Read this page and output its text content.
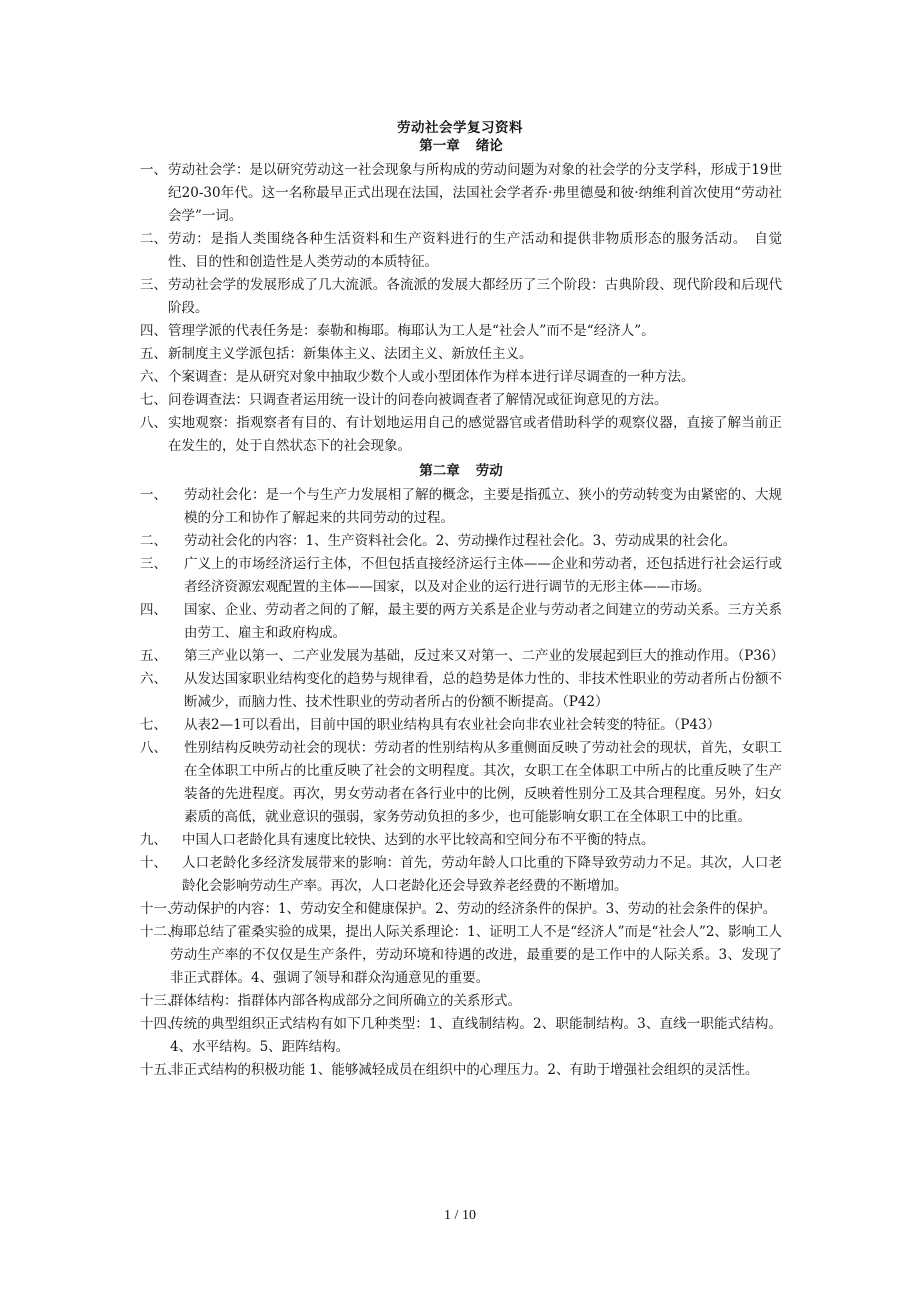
劳动社会学复习资料
第一章 绪论
一、 劳动社会学：是以研究劳动这一社会现象与所构成的劳动问题为对象的社会学的分支学科，形成于19世纪20-30年代。这一名称最早正式出现在法国，法国社会学者乔·弗里德曼和彼·纳维利首次使用“劳动社会学”一词。
二、 劳动：是指人类围绕各种生活资料和生产资料进行的生产活动和提供非物质形态的服务活动。　自觉性、目的性和创造性是人类劳动的本质特征。
三、 劳动社会学的发展形成了几大流派。各流派的发展大都经历了三个阶段：古典阶段、现代阶段和后现代阶段。
四、 管理学派的代表任务是：泰勒和梅耶。梅耶认为工人是“社会人”而不是“经济人”。
五、 新制度主义学派包括：新集体主义、法团主义、新放任主义。
六、 个案调查：是从研究对象中抽取少数个人或小型团体作为样本进行详尽调查的一种方法。
七、 问卷调查法：只调查者运用统一设计的问卷向被调查者了解情况或征询意见的方法。
八、 实地观察：指观察者有目的、有计划地运用自己的感觉器官或者借助科学的观察仪器，直接了解当前正在发生的，处于自然状态下的社会现象。
第二章 劳动
一、	劳动社会化：是一个与生产力发展相了解的概念，主要是指孤立、狭小的劳动转变为由紧密的、大规模的分工和协作了解起来的共同劳动的过程。
二、	劳动社会化的内容：1、生产资料社会化。2、劳动操作过程社会化。3、劳动成果的社会化。
三、	广义上的市场经济运行主体，不但包括直接经济运行主体——企业和劳动者，还包括进行社会运行或者经济资源宏观配置的主体——国家，以及对企业的运行进行调节的无形主体——市场。
四、	国家、企业、劳动者之间的了解，最主要的两方关系是企业与劳动者之间建立的劳动关系。三方关系由劳工、雇主和政府构成。
五、	第三产业以第一、二产业发展为基础，反过来又对第一、二产业的发展起到巨大的推动作用。（P36）
六、	从发达国家职业结构变化的趋势与规律看，总的趋势是体力性的、非技术性职业的劳动者所占份额不断减少，而脑力性、技术性职业的劳动者所占的份额不断提高。（P42）
七、	从表2—1可以看出，目前中国的职业结构具有农业社会向非农业社会转变的特征。（P43）
八、	性别结构反映劳动社会的现状：劳动者的性别结构从多重侧面反映了劳动社会的现状，首先，女职工在全体职工中所占的比重反映了社会的文明程度。其次，女职工在全体职工中所占的比重反映了生产装备的先进程度。再次，男女劳动者在各行业中的比例，反映着性别分工及其合理程度。另外，妇女素质的高低，就业意识的强弱，家务劳动负担的多少，也可能影响女职工在全体职工中的比重。
九、	中国人口老龄化具有速度比较快、达到的水平比较高和空间分布不平衡的特点。
十、	人口老龄化多经济发展带来的影响：首先，劳动年龄人口比重的下降导致劳动力不足。其次，人口老龄化会影响劳动生产率。再次，人口老龄化还会导致养老经费的不断增加。
十一、
劳动保护的内容：1、劳动安全和健康保护。2、劳动的经济条件的保护。3、劳动的社会条件的保护。
十二、
梅耶总结了霍桑实验的成果，提出人际关系理论：1、证明工人不是“经济人”而是“社会人”2、影响工人劳动生产率的不仅仅是生产条件，劳动环境和待遇的改进，最重要的是工作中的人际关系。3、发现了非正式群体。4、强调了领导和群众沟通意见的重要。
十三、
群体结构：指群体内部各构成部分之间所确立的关系形式。
十四、
传统的典型组织正式结构有如下几种类型：1、直线制结构。2、职能制结构。3、直线一职能式结构。4、水平结构。5、距阵结构。
十五、
非正式结构的积极功能 1、能够减轻成员在组织中的心理压力。2、有助于增强社会组织的灵活性。
1 / 10
